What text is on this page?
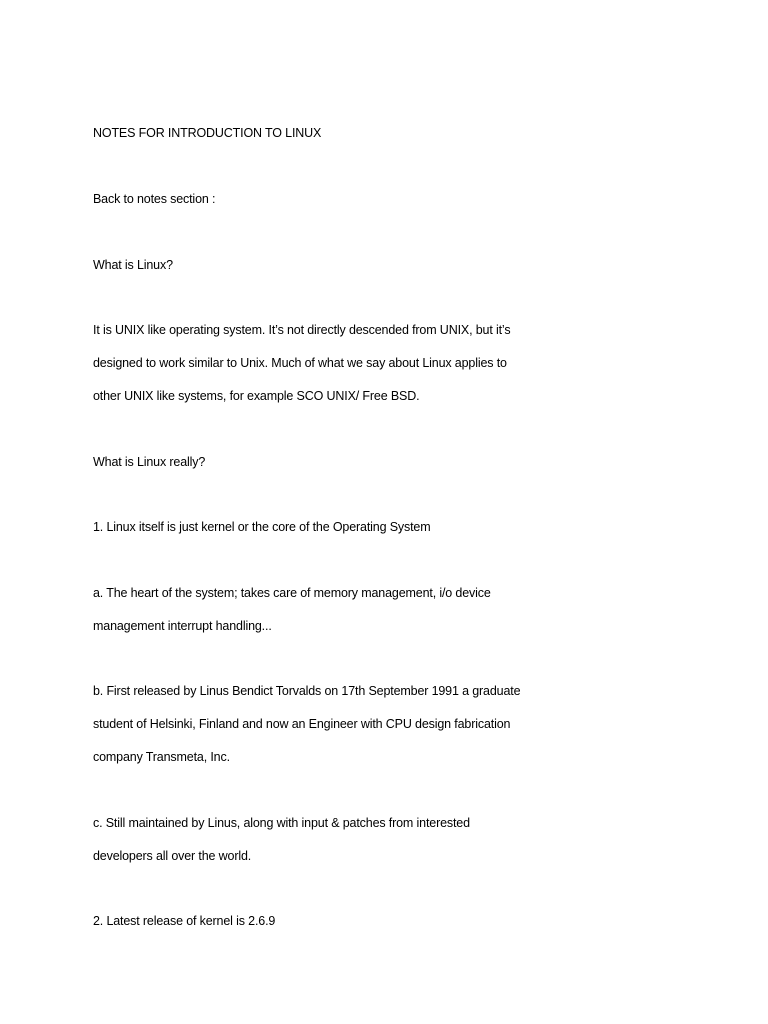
NOTES FOR INTRODUCTION TO LINUX
Back to notes section :
What is Linux?
It is UNIX like operating system. It’s not directly descended from UNIX, but it’s
designed to work similar to Unix. Much of what we say about Linux applies to
other UNIX like systems, for example SCO UNIX/ Free BSD.
What is Linux really?
1. Linux itself is just kernel or the core of the Operating System
a. The heart of the system; takes care of memory management, i/o device
management interrupt handling...
b. First released by Linus Bendict Torvalds on 17th September 1991 a graduate
student of Helsinki, Finland and now an Engineer with CPU design fabrication
company Transmeta, Inc.
c. Still maintained by Linus, along with input & patches from interested
developers all over the world.
2. Latest release of kernel is 2.6.9
